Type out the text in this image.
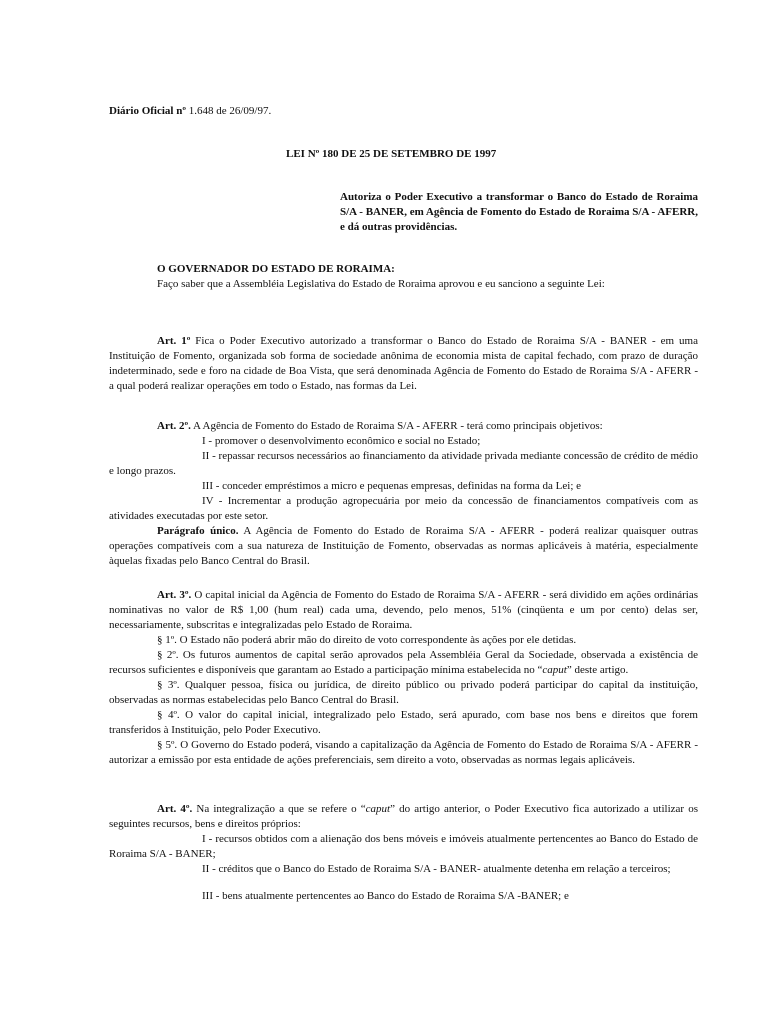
Diário Oficial nº 1.648 de 26/09/97.
LEI Nº 180 DE 25 DE SETEMBRO DE 1997
Autoriza o Poder Executivo a transformar o Banco do Estado de Roraima S/A - BANER, em Agência de Fomento do Estado de Roraima S/A - AFERR, e dá outras providências.

O GOVERNADOR DO ESTADO DE RORAIMA:

Faço saber que a Assembléia Legislativa do Estado de Roraima aprovou e eu sanciono a seguinte Lei:

Art. 1º Fica o Poder Executivo autorizado a transformar o Banco do Estado de Roraima S/A - BANER - em uma Instituição de Fomento, organizada sob forma de sociedade anônima de economia mista de capital fechado, com prazo de duração indeterminado, sede e foro na cidade de Boa Vista, que será denominada Agência de Fomento do Estado de Roraima S/A - AFERR - a qual poderá realizar operações em todo o Estado, nas formas da Lei.

Art. 2º. A Agência de Fomento do Estado de Roraima S/A - AFERR - terá como principais objetivos:

I - promover o desenvolvimento econômico e social no Estado;

II - repassar recursos necessários ao financiamento da atividade privada mediante concessão de crédito de médio e longo prazos.

III - conceder empréstimos a micro e pequenas empresas, definidas na forma da Lei; e

IV - Incrementar a produção agropecuária por meio da concessão de financiamentos compatíveis com as atividades executadas por este setor.

Parágrafo único. A Agência de Fomento do Estado de Roraima S/A - AFERR - poderá realizar quaisquer outras operações compatíveis com a sua natureza de Instituição de Fomento, observadas as normas aplicáveis à matéria, especialmente àquelas fixadas pelo Banco Central do Brasil.

Art. 3º. O capital inicial da Agência de Fomento do Estado de Roraima S/A - AFERR - será dividido em ações ordinárias nominativas no valor de R$ 1,00 (hum real) cada uma, devendo, pelo menos, 51% (cinqüenta e um por cento) delas ser, necessariamente, subscritas e integralizadas pelo Estado de Roraima.

§ 1º. O Estado não poderá abrir mão do direito de voto correspondente às ações por ele detidas.

§ 2º. Os futuros aumentos de capital serão aprovados pela Assembléia Geral da Sociedade, observada a existência de recursos suficientes e disponíveis que garantam ao Estado a participação mínima estabelecida no “caput” deste artigo.

§ 3º. Qualquer pessoa, física ou jurídica, de direito público ou privado poderá participar do capital da instituição, observadas as normas estabelecidas pelo Banco Central do Brasil.

§ 4º. O valor do capital inicial, integralizado pelo Estado, será apurado, com base nos bens e direitos que forem transferidos à Instituição, pelo Poder Executivo.

§ 5º. O Governo do Estado poderá, visando a capitalização da Agência de Fomento do Estado de Roraima S/A - AFERR - autorizar a emissão por esta entidade de ações preferenciais, sem direito a voto, observadas as normas legais aplicáveis.

Art. 4º. Na integralização a que se refere o “caput” do artigo anterior, o Poder Executivo fica autorizado a utilizar os seguintes recursos, bens e direitos próprios:

I - recursos obtidos com a alienação dos bens móveis e imóveis atualmente pertencentes ao Banco do Estado de Roraima S/A - BANER;

II - créditos que o Banco do Estado de Roraima S/A - BANER- atualmente detenha em relação a terceiros;

III - bens atualmente pertencentes ao Banco do Estado de Roraima S/A -BANER; e
